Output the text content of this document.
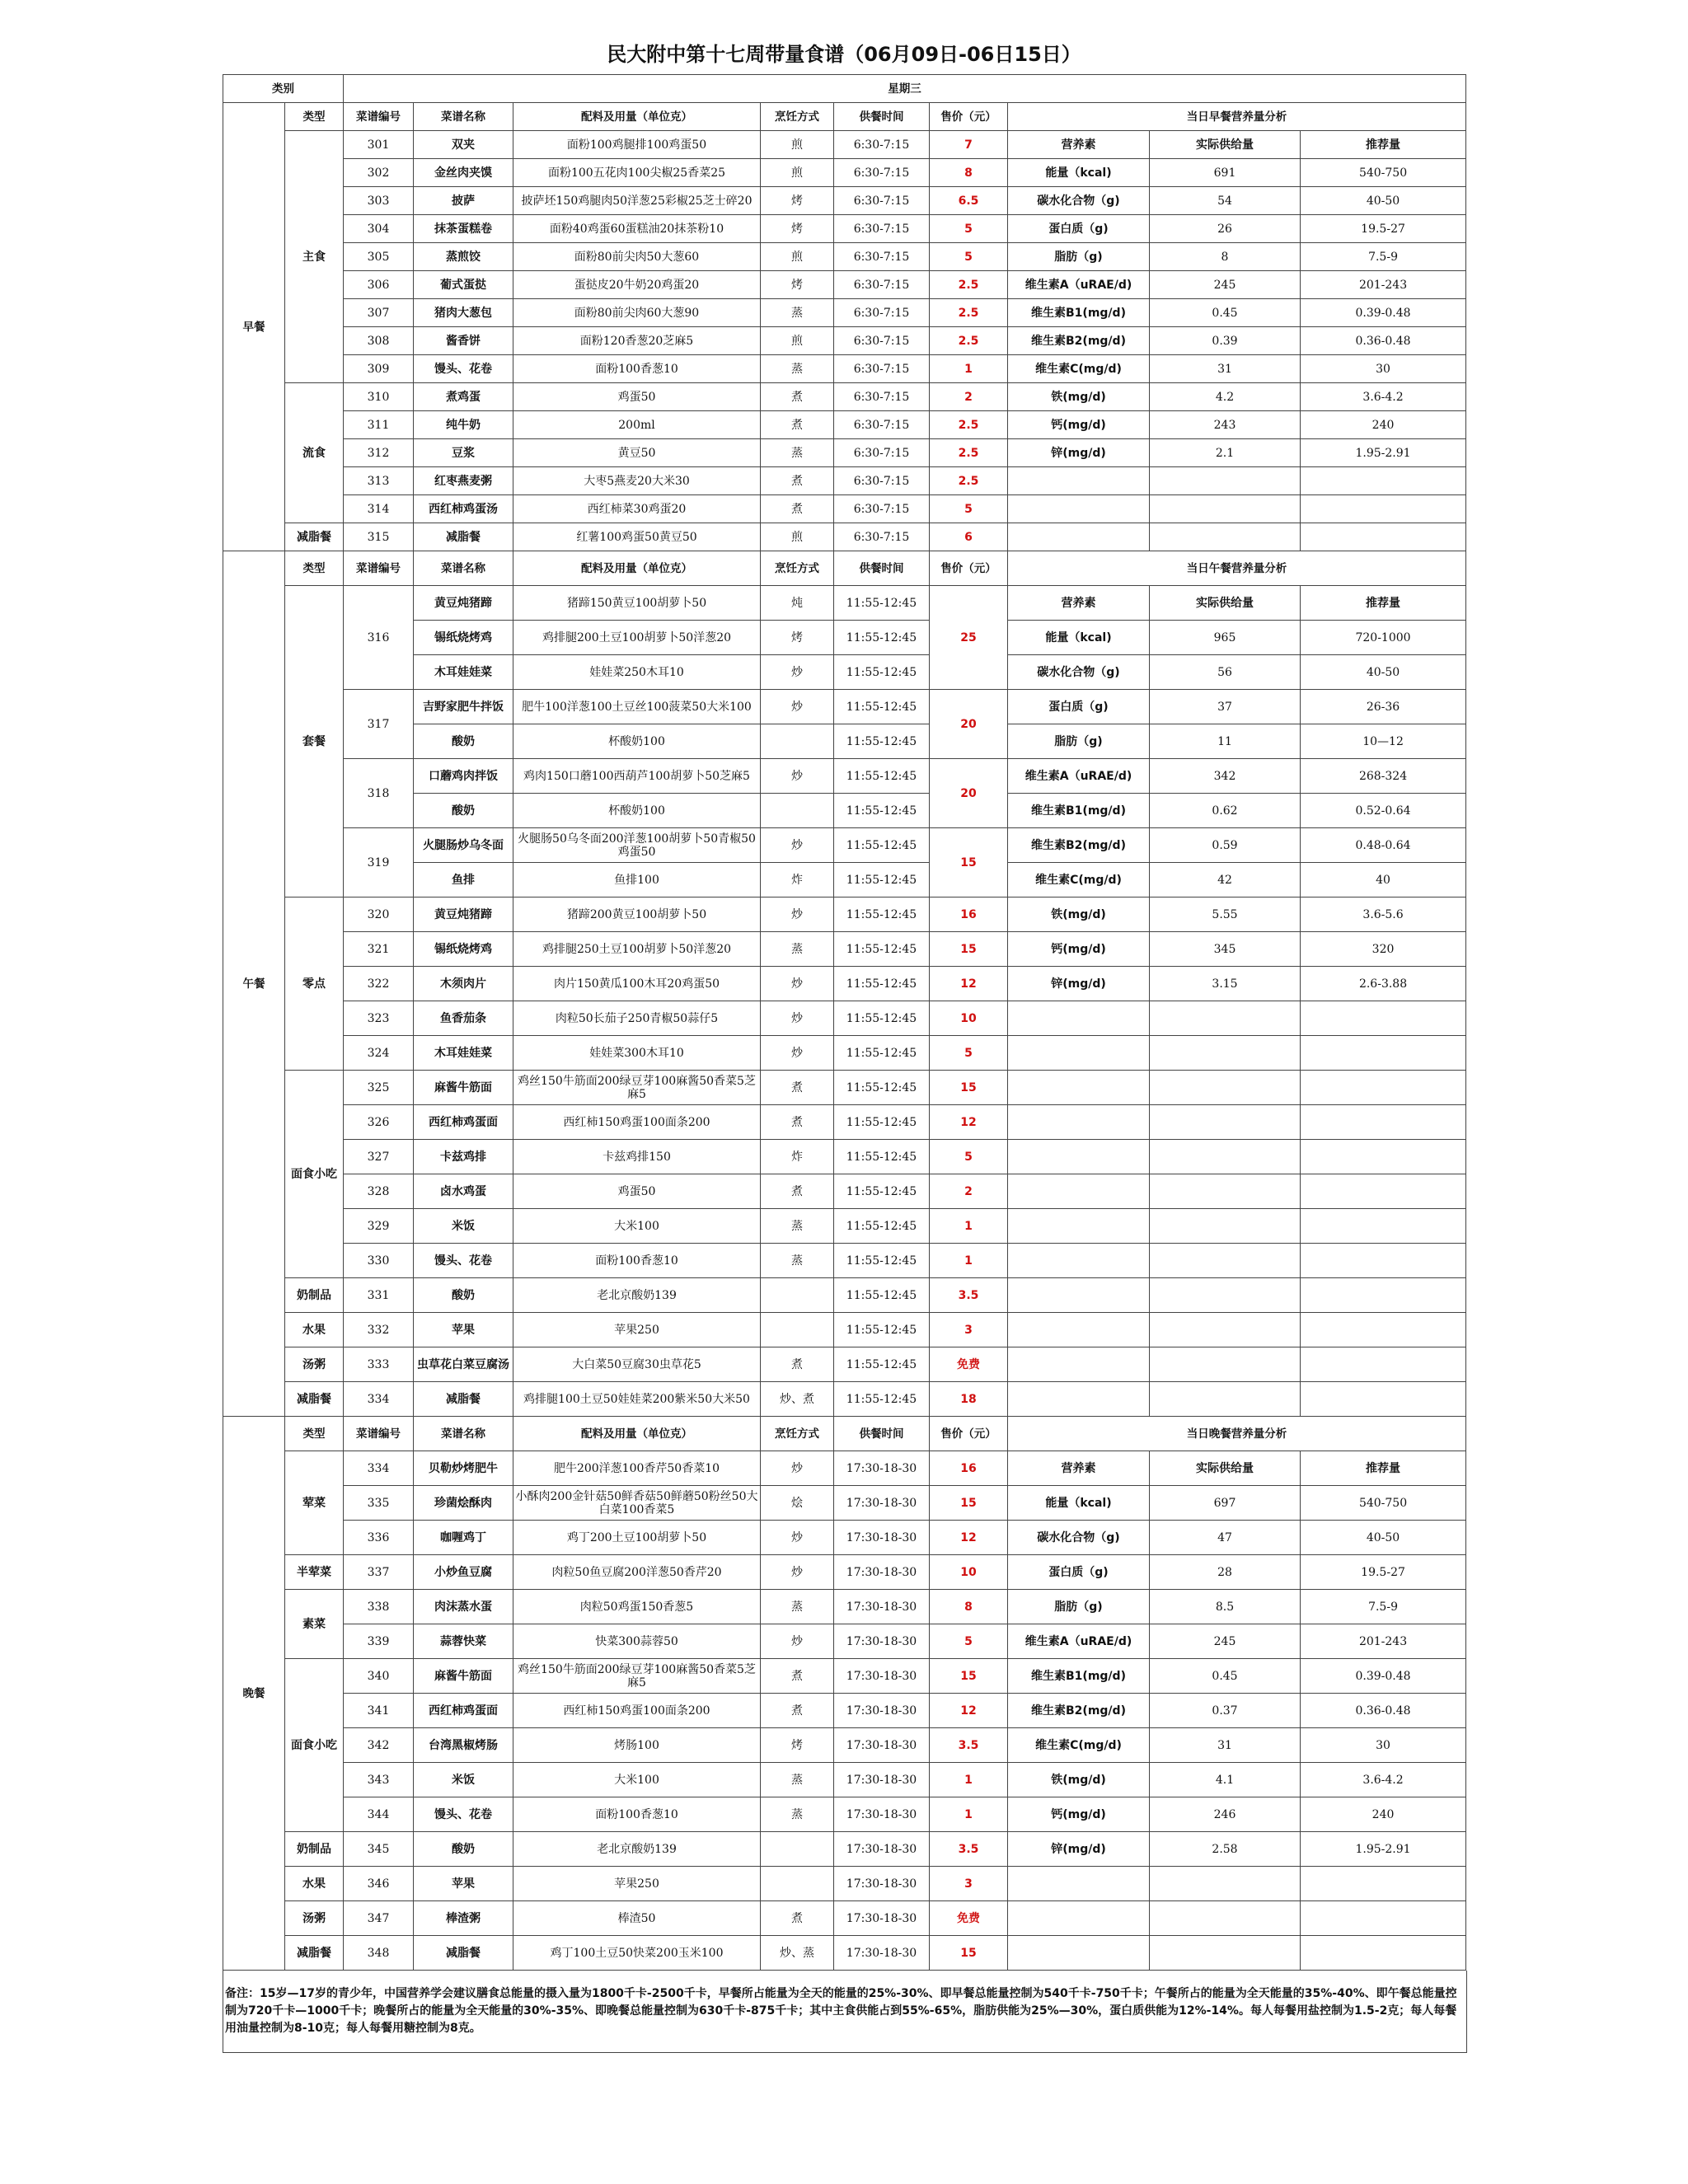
民大附中第十七周带量食谱（06月09日-06日15日）
类别		星期三								
早餐	类型	菜谱编号	菜谱名称	配料及用量（单位克）	烹饪方式	供餐时间	售价（元）	当日早餐营养量分析		
	主食	301	双夹	面粉100鸡腿排100鸡蛋50	煎	6:30-7:15	7	营养素	实际供给量	推荐量
		302	金丝肉夹馍	面粉100五花肉100尖椒25香菜25	煎	6:30-7:15	8	能量（kcal)	691	540-750
		303	披萨	披萨坯150鸡腿肉50洋葱25彩椒25芝士碎20	烤	6:30-7:15	6.5	碳水化合物（g)	54	40-50
		304	抹茶蛋糕卷	面粉40鸡蛋60蛋糕油20抹茶粉10	烤	6:30-7:15	5	蛋白质（g)	26	19.5-27
		305	蒸煎饺	面粉80前尖肉50大葱60	煎	6:30-7:15	5	脂肪（g)	8	7.5-9
		306	葡式蛋挞	蛋挞皮20牛奶20鸡蛋20	烤	6:30-7:15	2.5	维生素A（uRAE/d)	245	201-243
		307	猪肉大葱包	面粉80前尖肉60大葱90	蒸	6:30-7:15	2.5	维生素B1(mg/d)	0.45	0.39-0.48
		308	酱香饼	面粉120香葱20芝麻5	煎	6:30-7:15	2.5	维生素B2(mg/d)	0.39	0.36-0.48
		309	馒头、花卷	面粉100香葱10	蒸	6:30-7:15	1	维生素C(mg/d)	31	30
	流食	310	煮鸡蛋	鸡蛋50	煮	6:30-7:15	2	铁(mg/d)	4.2	3.6-4.2
		311	纯牛奶	200ml	煮	6:30-7:15	2.5	钙(mg/d)	243	240
		312	豆浆	黄豆50	蒸	6:30-7:15	2.5	锌(mg/d)	2.1	1.95-2.91
		313	红枣燕麦粥	大枣5燕麦20大米30	煮	6:30-7:15	2.5			
		314	西红柿鸡蛋汤	西红柿菜30鸡蛋20	煮	6:30-7:15	5			
	减脂餐	315	减脂餐	红薯100鸡蛋50黄豆50	煎	6:30-7:15	6			
午餐	类型	菜谱编号	菜谱名称	配料及用量（单位克）	烹饪方式	供餐时间	售价（元）	当日午餐营养量分析		
	套餐	316	黄豆炖猪蹄	猪蹄150黄豆100胡萝卜50	炖	11:55-12:45	25	营养素	实际供给量	推荐量
			锡纸烧烤鸡	鸡排腿200土豆100胡萝卜50洋葱20	烤	11:55-12:45		能量（kcal)	965	720-1000
			木耳娃娃菜	娃娃菜250木耳10	炒	11:55-12:45		碳水化合物（g)	56	40-50
		317	吉野家肥牛拌饭	肥牛100洋葱100土豆丝100菠菜50大米100	炒	11:55-12:45	20	蛋白质（g)	37	26-36
			酸奶	杯酸奶100		11:55-12:45		脂肪（g)	11	10—12
		318	口蘑鸡肉拌饭	鸡肉150口蘑100西葫芦100胡萝卜50芝麻5	炒	11:55-12:45	20	维生素A（uRAE/d)	342	268-324
			酸奶	杯酸奶100		11:55-12:45		维生素B1(mg/d)	0.62	0.52-0.64
		319	火腿肠炒乌冬面	火腿肠50乌冬面200洋葱100胡萝卜50青椒50鸡蛋50	炒	11:55-12:45	15	维生素B2(mg/d)	0.59	0.48-0.64
			鱼排	鱼排100	炸	11:55-12:45		维生素C(mg/d)	42	40
	零点	320	黄豆炖猪蹄	猪蹄200黄豆100胡萝卜50	炒	11:55-12:45	16	铁(mg/d)	5.55	3.6-5.6
		321	锡纸烧烤鸡	鸡排腿250土豆100胡萝卜50洋葱20	蒸	11:55-12:45	15	钙(mg/d)	345	320
		322	木须肉片	肉片150黄瓜100木耳20鸡蛋50	炒	11:55-12:45	12	锌(mg/d)	3.15	2.6-3.88
		323	鱼香茄条	肉粒50长茄子250青椒50蒜仔5	炒	11:55-12:45	10			
		324	木耳娃娃菜	娃娃菜300木耳10	炒	11:55-12:45	5			
	面食小吃	325	麻酱牛筋面	鸡丝150牛筋面200绿豆芽100麻酱50香菜5芝麻5	煮	11:55-12:45	15			
		326	西红柿鸡蛋面	西红柿150鸡蛋100面条200	煮	11:55-12:45	12			
		327	卡兹鸡排	卡兹鸡排150	炸	11:55-12:45	5			
		328	卤水鸡蛋	鸡蛋50	煮	11:55-12:45	2			
		329	米饭	大米100	蒸	11:55-12:45	1			
		330	馒头、花卷	面粉100香葱10	蒸	11:55-12:45	1			
	奶制品	331	酸奶	老北京酸奶139		11:55-12:45	3.5			
	水果	332	苹果	苹果250		11:55-12:45	3			
	汤粥	333	虫草花白菜豆腐汤	大白菜50豆腐30虫草花5	煮	11:55-12:45	免费			
	减脂餐	334	减脂餐	鸡排腿100土豆50娃娃菜200紫米50大米50	炒、煮	11:55-12:45	18			
晚餐	类型	菜谱编号	菜谱名称	配料及用量（单位克）	烹饪方式	供餐时间	售价（元）	当日晚餐营养量分析		
	荤菜	334	贝勒炒烤肥牛	肥牛200洋葱100香芹50香菜10	炒	17:30-18-30	16	营养素	实际供给量	推荐量
		335	珍菌烩酥肉	小酥肉200金针菇50鲜香菇50鲜蘑50粉丝50大白菜100香菜5	烩	17:30-18-30	15	能量（kcal)	697	540-750
		336	咖喱鸡丁	鸡丁200土豆100胡萝卜50	炒	17:30-18-30	12	碳水化合物（g)	47	40-50
	半荤菜	337	小炒鱼豆腐	肉粒50鱼豆腐200洋葱50香芹20	炒	17:30-18-30	10	蛋白质（g)	28	19.5-27
	素菜	338	肉沫蒸水蛋	肉粒50鸡蛋150香葱5	蒸	17:30-18-30	8	脂肪（g)	8.5	7.5-9
		339	蒜蓉快菜	快菜300蒜蓉50	炒	17:30-18-30	5	维生素A（uRAE/d)	245	201-243
	面食小吃	340	麻酱牛筋面	鸡丝150牛筋面200绿豆芽100麻酱50香菜5芝麻5	煮	17:30-18-30	15	维生素B1(mg/d)	0.45	0.39-0.48
		341	西红柿鸡蛋面	西红柿150鸡蛋100面条200	煮	17:30-18-30	12	维生素B2(mg/d)	0.37	0.36-0.48
		342	台湾黑椒烤肠	烤肠100	烤	17:30-18-30	3.5	维生素C(mg/d)	31	30
		343	米饭	大米100	蒸	17:30-18-30	1	铁(mg/d)	4.1	3.6-4.2
		344	馒头、花卷	面粉100香葱10	蒸	17:30-18-30	1	钙(mg/d)	246	240
	奶制品	345	酸奶	老北京酸奶139		17:30-18-30	3.5	锌(mg/d)	2.58	1.95-2.91
	水果	346	苹果	苹果250		17:30-18-30	3			
	汤粥	347	棒渣粥	棒渣50	煮	17:30-18-30	免费			
	减脂餐	348	减脂餐	鸡丁100土豆50快菜200玉米100	炒、蒸	17:30-18-30	15			
备注：15岁—17岁的青少年，中国营养学会建议膳食总能量的摄入量为1800千卡-2500千卡，早餐所占能量为全天的能量的25%-30%、即早餐总能量控制为540千卡-750千卡；午餐所占的能量为全天能量的35%-40%、即午餐总能量控制为720千卡—1000千卡；晚餐所占的能量为全天能量的30%-35%、即晚餐总能量控制为630千卡-875千卡；其中主食供能占到55%-65%，脂肪供能为25%—30%，蛋白质供能为12%-14%。每人每餐用盐控制为1.5-2克；每人每餐用油量控制为8-10克；每人每餐用糖控制为8克。
